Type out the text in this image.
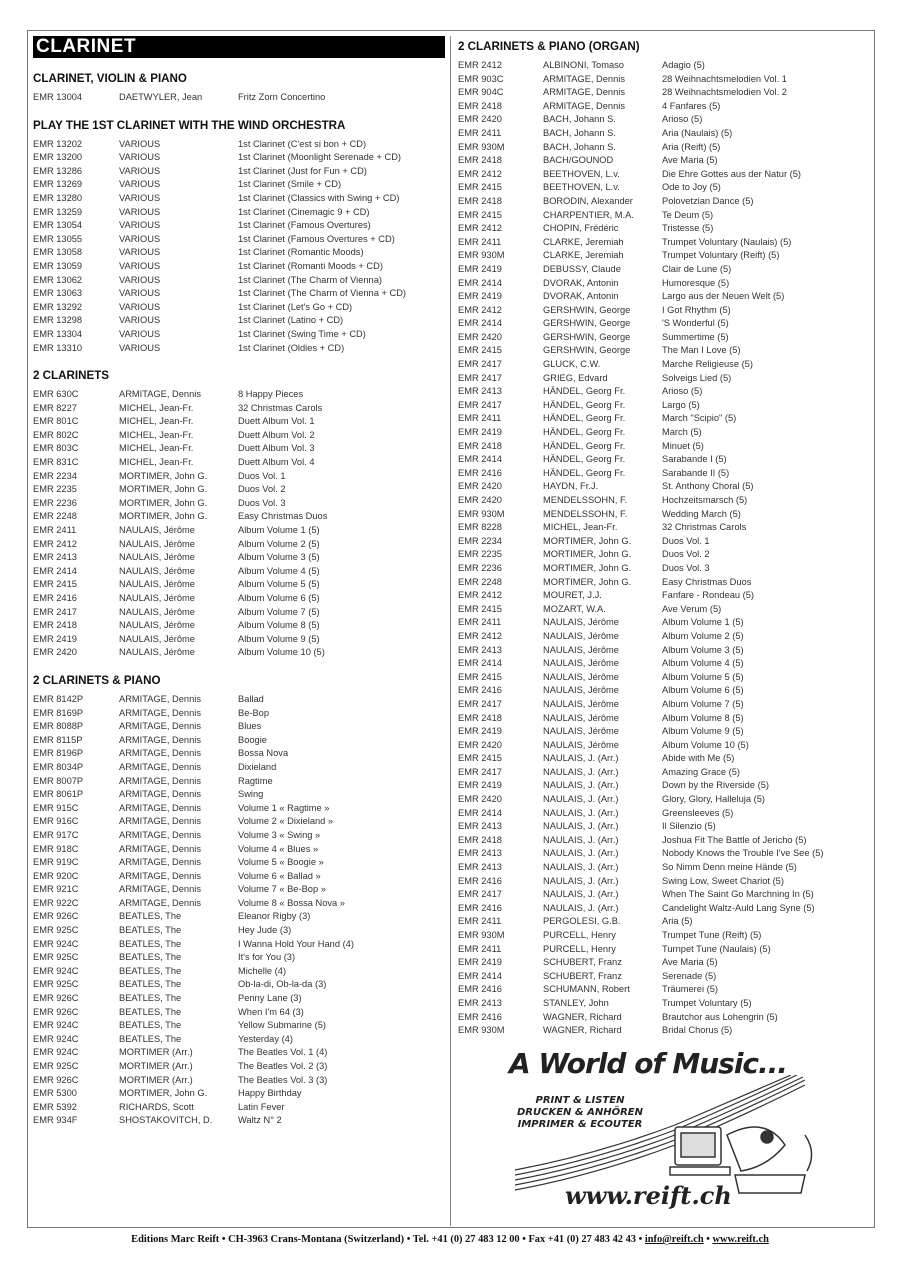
CLARINET
CLARINET, VIOLIN & PIANO
EMR 13004	DAETWYLER, Jean	Fritz Zorn Concertino
PLAY THE 1ST CLARINET WITH THE WIND ORCHESTRA
EMR 13202	VARIOUS	1st Clarinet (C'est si bon + CD)
EMR 13200	VARIOUS	1st Clarinet (Moonlight Serenade + CD)
EMR 13286	VARIOUS	1st Clarinet (Just for Fun + CD)
EMR 13269	VARIOUS	1st Clarinet (Smile + CD)
EMR 13280	VARIOUS	1st Clarinet (Classics with Swing + CD)
EMR 13259	VARIOUS	1st Clarinet (Cinemagic 9 + CD)
EMR 13054	VARIOUS	1st Clarinet (Famous Overtures)
EMR 13055	VARIOUS	1st Clarinet (Famous Overtures + CD)
EMR 13058	VARIOUS	1st Clarinet (Romantic Moods)
EMR 13059	VARIOUS	1st Clarinet (Romanti Moods + CD)
EMR 13062	VARIOUS	1st Clarinet (The Charm of Vienna)
EMR 13063	VARIOUS	1st Clarinet (The Charm of Vienna + CD)
EMR 13292	VARIOUS	1st Clarinet (Let's Go + CD)
EMR 13298	VARIOUS	1st Clarinet (Latino + CD)
EMR 13304	VARIOUS	1st Clarinet (Swing Time + CD)
EMR 13310	VARIOUS	1st Clarinet (Oldies + CD)
2 CLARINETS
EMR 630C	ARMITAGE, Dennis	8 Happy Pieces
EMR 8227	MICHEL, Jean-Fr.	32 Christmas Carols
EMR 801C	MICHEL, Jean-Fr.	Duett Album Vol. 1
EMR 802C	MICHEL, Jean-Fr.	Duett Album Vol. 2
EMR 803C	MICHEL, Jean-Fr.	Duett Album Vol. 3
EMR 831C	MICHEL, Jean-Fr.	Duett Album Vol. 4
EMR 2234	MORTIMER, John G.	Duos Vol. 1
EMR 2235	MORTIMER, John G.	Duos Vol. 2
EMR 2236	MORTIMER, John G.	Duos Vol. 3
EMR 2248	MORTIMER, John G.	Easy Christmas Duos
EMR 2411	NAULAIS, Jérôme	Album Volume 1 (5)
EMR 2412	NAULAIS, Jérôme	Album Volume 2 (5)
EMR 2413	NAULAIS, Jérôme	Album Volume 3 (5)
EMR 2414	NAULAIS, Jérôme	Album Volume 4 (5)
EMR 2415	NAULAIS, Jérôme	Album Volume 5 (5)
EMR 2416	NAULAIS, Jérôme	Album Volume 6 (5)
EMR 2417	NAULAIS, Jérôme	Album Volume 7 (5)
EMR 2418	NAULAIS, Jérôme	Album Volume 8 (5)
EMR 2419	NAULAIS, Jérôme	Album Volume 9 (5)
EMR 2420	NAULAIS, Jérôme	Album Volume 10 (5)
2 CLARINETS & PIANO
EMR 8142P	ARMITAGE, Dennis	Ballad
EMR 8169P	ARMITAGE, Dennis	Be-Bop
EMR 8088P	ARMITAGE, Dennis	Blues
EMR 8115P	ARMITAGE, Dennis	Boogie
EMR 8196P	ARMITAGE, Dennis	Bossa Nova
EMR 8034P	ARMITAGE, Dennis	Dixieland
EMR 8007P	ARMITAGE, Dennis	Ragtime
EMR 8061P	ARMITAGE, Dennis	Swing
EMR 915C	ARMITAGE, Dennis	Volume 1 « Ragtime »
EMR 916C	ARMITAGE, Dennis	Volume 2 « Dixieland »
EMR 917C	ARMITAGE, Dennis	Volume 3 « Swing »
EMR 918C	ARMITAGE, Dennis	Volume 4 « Blues »
EMR 919C	ARMITAGE, Dennis	Volume 5 « Boogie »
EMR 920C	ARMITAGE, Dennis	Volume 6 « Ballad »
EMR 921C	ARMITAGE, Dennis	Volume 7 « Be-Bop »
EMR 922C	ARMITAGE, Dennis	Volume 8 « Bossa Nova »
EMR 926C	BEATLES, The	Eleanor Rigby (3)
EMR 925C	BEATLES, The	Hey Jude (3)
EMR 924C	BEATLES, The	I Wanna Hold Your Hand (4)
EMR 925C	BEATLES, The	It's for You (3)
EMR 924C	BEATLES, The	Michelle (4)
EMR 925C	BEATLES, The	Ob-la-di, Ob-la-da (3)
EMR 926C	BEATLES, The	Penny Lane (3)
EMR 926C	BEATLES, The	When I'm 64 (3)
EMR 924C	BEATLES, The	Yellow Submarine (5)
EMR 924C	BEATLES, The	Yesterday (4)
EMR 924C	MORTIMER (Arr.)	The Beatles Vol. 1 (4)
EMR 925C	MORTIMER (Arr.)	The Beatles Vol. 2 (3)
EMR 926C	MORTIMER (Arr.)	The Beatles Vol. 3 (3)
EMR 5300	MORTIMER, John G.	Happy Birthday
EMR 5392	RICHARDS, Scott	Latin Fever
EMR 934F	SHOSTAKOVITCH, D.	Waltz N° 2
2 CLARINETS & PIANO (ORGAN)
EMR 2412	ALBINONI, Tomaso	Adagio (5)
EMR 903C	ARMITAGE, Dennis	28 Weihnachtsmelodien Vol. 1
EMR 904C	ARMITAGE, Dennis	28 Weihnachtsmelodien Vol. 2
EMR 2418	ARMITAGE, Dennis	4 Fanfares (5)
EMR 2420	BACH, Johann S.	Arioso (5)
EMR 2411	BACH, Johann S.	Aria (Naulais) (5)
EMR 930M	BACH, Johann S.	Aria (Reift) (5)
EMR 2418	BACH/GOUNOD	Ave Maria (5)
EMR 2412	BEETHOVEN, L.v.	Die Ehre Gottes aus der Natur (5)
EMR 2415	BEETHOVEN, L.v.	Ode to Joy (5)
EMR 2418	BORODIN, Alexander	Polovetzian Dance (5)
EMR 2415	CHARPENTIER, M.A.	Te Deum (5)
EMR 2412	CHOPIN, Frédéric	Tristesse (5)
EMR 2411	CLARKE, Jeremiah	Trumpet Voluntary (Naulais) (5)
EMR 930M	CLARKE, Jeremiah	Trumpet Voluntary (Reift) (5)
EMR 2419	DEBUSSY, Claude	Clair de Lune (5)
EMR 2414	DVORAK, Antonin	Humoresque (5)
EMR 2419	DVORAK, Antonin	Largo aus der Neuen Welt (5)
EMR 2412	GERSHWIN, George	I Got Rhythm (5)
EMR 2414	GERSHWIN, George	'S Wonderful (5)
EMR 2420	GERSHWIN, George	Summertime (5)
EMR 2415	GERSHWIN, George	The Man I Love (5)
EMR 2417	GLUCK, C.W.	Marche Religieuse (5)
EMR 2417	GRIEG, Edvard	Solveigs Lied (5)
EMR 2413	HÄNDEL, Georg Fr.	Arioso (5)
EMR 2417	HÄNDEL, Georg Fr.	Largo (5)
EMR 2411	HÄNDEL, Georg Fr.	March "Scipio" (5)
EMR 2419	HÄNDEL, Georg Fr.	March (5)
EMR 2418	HÄNDEL, Georg Fr.	Minuet (5)
EMR 2414	HÄNDEL, Georg Fr.	Sarabande I (5)
EMR 2416	HÄNDEL, Georg Fr.	Sarabande II (5)
EMR 2420	HAYDN, Fr.J.	St. Anthony Choral (5)
EMR 2420	MENDELSSOHN, F.	Hochzeitsmarsch (5)
EMR 930M	MENDELSSOHN, F.	Wedding March (5)
EMR 8228	MICHEL, Jean-Fr.	32 Christmas Carols
EMR 2234	MORTIMER, John G.	Duos Vol. 1
EMR 2235	MORTIMER, John G.	Duos Vol. 2
EMR 2236	MORTIMER, John G.	Duos Vol. 3
EMR 2248	MORTIMER, John G.	Easy Christmas Duos
EMR 2412	MOURET, J.J.	Fanfare - Rondeau (5)
EMR 2415	MOZART, W.A.	Ave Verum (5)
EMR 2411	NAULAIS, Jérôme	Album Volume 1 (5)
EMR 2412	NAULAIS, Jérôme	Album Volume 2 (5)
EMR 2413	NAULAIS, Jérôme	Album Volume 3 (5)
EMR 2414	NAULAIS, Jérôme	Album Volume 4 (5)
EMR 2415	NAULAIS, Jérôme	Album Volume 5 (5)
EMR 2416	NAULAIS, Jérôme	Album Volume 6 (5)
EMR 2417	NAULAIS, Jérôme	Album Volume 7 (5)
EMR 2418	NAULAIS, Jérôme	Album Volume 8 (5)
EMR 2419	NAULAIS, Jérôme	Album Volume 9 (5)
EMR 2420	NAULAIS, Jérôme	Album Volume 10 (5)
EMR 2415	NAULAIS, J. (Arr.)	Abide with Me (5)
EMR 2417	NAULAIS, J. (Arr.)	Amazing Grace (5)
EMR 2419	NAULAIS, J. (Arr.)	Down by the Riverside (5)
EMR 2420	NAULAIS, J. (Arr.)	Glory, Glory, Halleluja (5)
EMR 2414	NAULAIS, J. (Arr.)	Greensleeves (5)
EMR 2413	NAULAIS, J. (Arr.)	Il Silenzio (5)
EMR 2418	NAULAIS, J. (Arr.)	Joshua Fit The Battle of Jericho (5)
EMR 2413	NAULAIS, J. (Arr.)	Nobody Knows the Trouble I've See (5)
EMR 2413	NAULAIS, J. (Arr.)	So Nimm Denn meine Hände (5)
EMR 2416	NAULAIS, J. (Arr.)	Swing Low, Sweet Chariot (5)
EMR 2417	NAULAIS, J. (Arr.)	When The Saint Go Marchning In (5)
EMR 2416	NAULAIS, J. (Arr.)	Candelight Waltz-Auld Lang Syne (5)
EMR 2411	PERGOLESI, G.B.	Aria (5)
EMR 930M	PURCELL, Henry	Trumpet Tune (Reift) (5)
EMR 2411	PURCELL, Henry	Turnpet Tune (Naulais) (5)
EMR 2419	SCHUBERT, Franz	Ave Maria (5)
EMR 2414	SCHUBERT, Franz	Serenade (5)
EMR 2416	SCHUMANN, Robert	Träumerei (5)
EMR 2413	STANLEY, John	Trumpet Voluntary (5)
EMR 2416	WAGNER, Richard	Brautchor aus Lohengrin (5)
EMR 930M	WAGNER, Richard	Bridal Chorus (5)
A World of Music...
PRINT & LISTEN
DRUCKEN & ANHÖREN
IMPRIMER & ECOUTER
www.reift.ch
Editions Marc Reift • CH-3963 Crans-Montana (Switzerland) • Tel. +41 (0) 27 483 12 00 • Fax +41 (0) 27 483 42 43 • info@reift.ch • www.reift.ch
